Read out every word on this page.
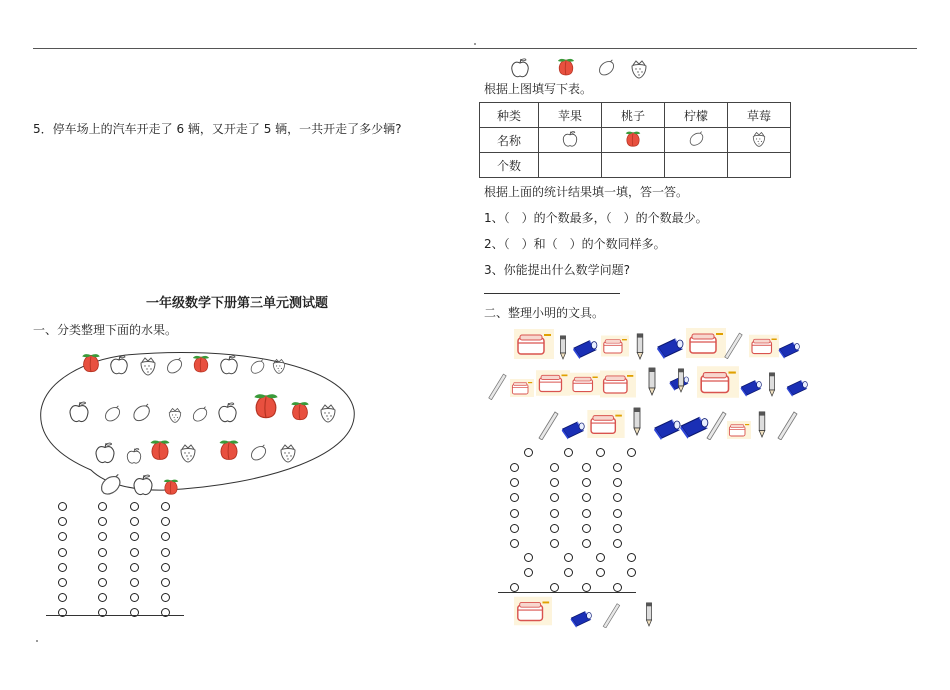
5．停车场上的汽车开走了 6 辆，又开走了 5 辆，一共开走了多少辆?
一年级数学下册第三单元测试题
一、分类整理下面的水果。
根据上图填写下表。
种类	苹果	桃子	柠檬	草莓
名称				
个数				
根据上面的统计结果填一填，答一答。
1、（　）的个数最多，（　）的个数最少。
2、（　）和（　）的个数同样多。
3、你能提出什么数学问题?
二、整理小明的文具。
